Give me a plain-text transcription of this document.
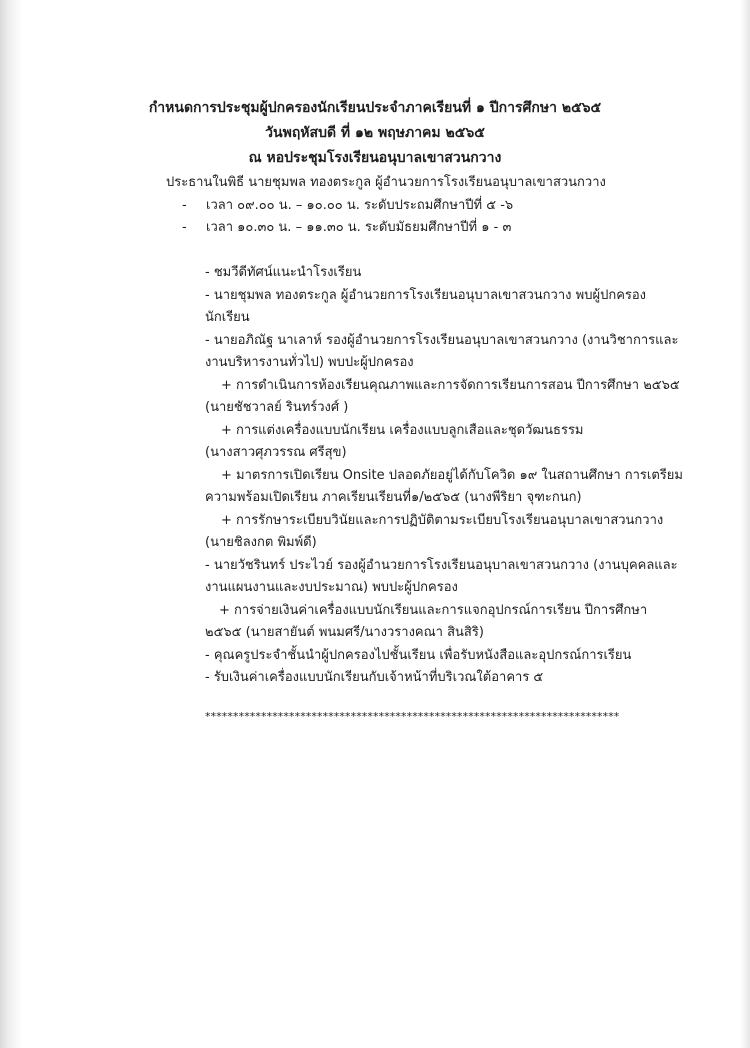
กำหนดการประชุมผู้ปกครองนักเรียนประจำภาคเรียนที่ ๑ ปีการศึกษา ๒๕๖๕
วันพฤหัสบดี ที่ ๑๒ พฤษภาคม ๒๕๖๕
ณ หอประชุมโรงเรียนอนุบาลเขาสวนกวาง
ประธานในพิธี นายชุมพล ทองตระกูล ผู้อำนวยการโรงเรียนอนุบาลเขาสวนกวาง
- เวลา ๐๙.๐๐ น. – ๑๐.๐๐ น. ระดับประถมศึกษาปีที่ ๕ -๖
- เวลา ๑๐.๓๐ น. – ๑๑.๓๐ น. ระดับมัธยมศึกษาปีที่ ๑ - ๓

- ชมวีดีทัศน์แนะนำโรงเรียน

- นายชุมพล ทองตระกูล ผู้อำนวยการโรงเรียนอนุบาลเขาสวนกวาง พบผู้ปกครอง

นักเรียน

- นายอภิณัฐ นาเลาห์ รองผู้อำนวยการโรงเรียนอนุบาลเขาสวนกวาง (งานวิชาการและ

งานบริหารงานทั่วไป) พบปะผู้ปกครอง

+ การดำเนินการห้องเรียนคุณภาพและการจัดการเรียนการสอน ปีการศึกษา ๒๕๖๕

(นายชัชวาลย์ รินทร์วงศ์ )

+ การแต่งเครื่องแบบนักเรียน เครื่องแบบลูกเสือและชุดวัฒนธรรม

(นางสาวศุภวรรณ ศรีสุข)

+ มาตรการเปิดเรียน Onsite ปลอดภัยอยู่ได้กับโควิด ๑๙ ในสถานศึกษา การเตรียม

ความพร้อมเปิดเรียน ภาคเรียนเรียนที่๑/๒๕๖๕ (นางพีริยา จุฑะกนก)

+ การรักษาระเบียบวินัยและการปฏิบัติตามระเบียบโรงเรียนอนุบาลเขาสวนกวาง

(นายชิลงกต พิมพ์ดี)

- นายวัชรินทร์ ประไวย์ รองผู้อำนวยการโรงเรียนอนุบาลเขาสวนกวาง (งานบุคคลและ

งานแผนงานและงบประมาณ) พบปะผู้ปกครอง

+ การจ่ายเงินค่าเครื่องแบบนักเรียนและการแจกอุปกรณ์การเรียน ปีการศึกษา

๒๕๖๕ (นายสายันต์ พนมศรี/นางวรางคณา สินสิริ)

- คุณครูประจำชั้นนำผู้ปกครองไปชั้นเรียน เพื่อรับหนังสือและอุปกรณ์การเรียน

- รับเงินค่าเครื่องแบบนักเรียนกับเจ้าหน้าที่บริเวณใต้อาคาร ๕

**************************************************************************
